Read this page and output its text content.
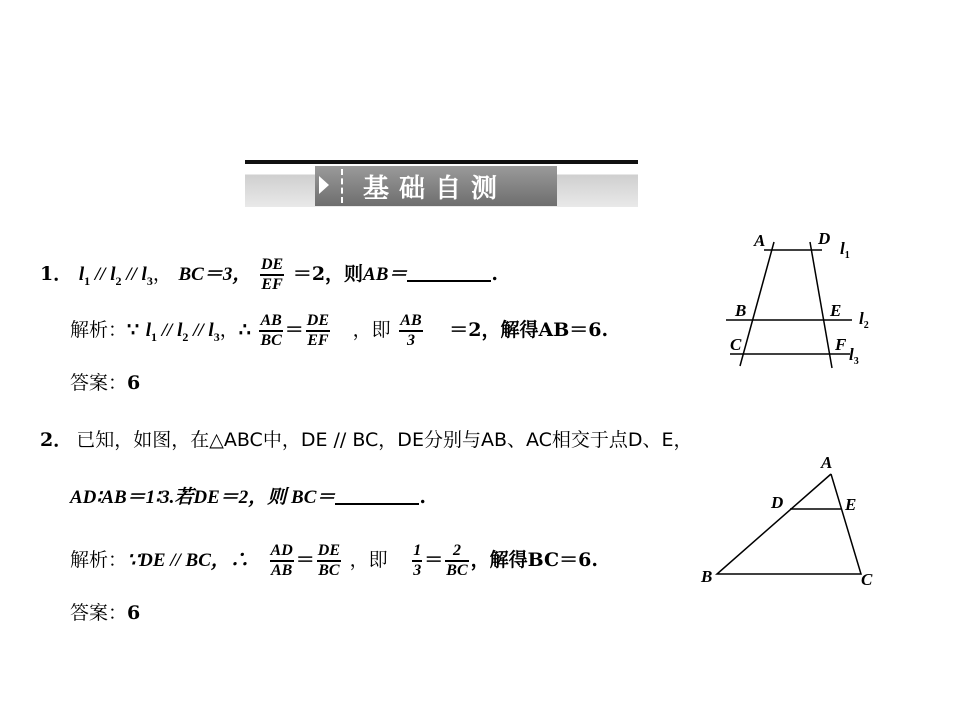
基础自测
1． $l_1 // l_2 // l_3$， BC＝3， $\frac{DE}{EF} =2$，则AB＝	.
解析：∵ $l_1 // l_2 // l_3$，∴ $\frac{AB}{BC} = \frac{DE}{EF}$ ，即 $\frac{AB}{3} =2$，解得AB＝6.
答案：6
A	D
B	E
C	F
$l_1$
$l_2$
$l_3$
2． 已知，如图，在△ABC中，DE // BC，DE分别与AB、AC相交于点D、E，
AD∶AB＝1∶3.若DE＝2，则 BC＝	.
解析：∵DE // BC，∴ $\frac{AD}{AB} = \frac{DE}{BC}$ ，即 $\frac{1}{3} = \frac{2}{BC}$ ，解得BC＝6.
答案：6
A
D	E
B	C
